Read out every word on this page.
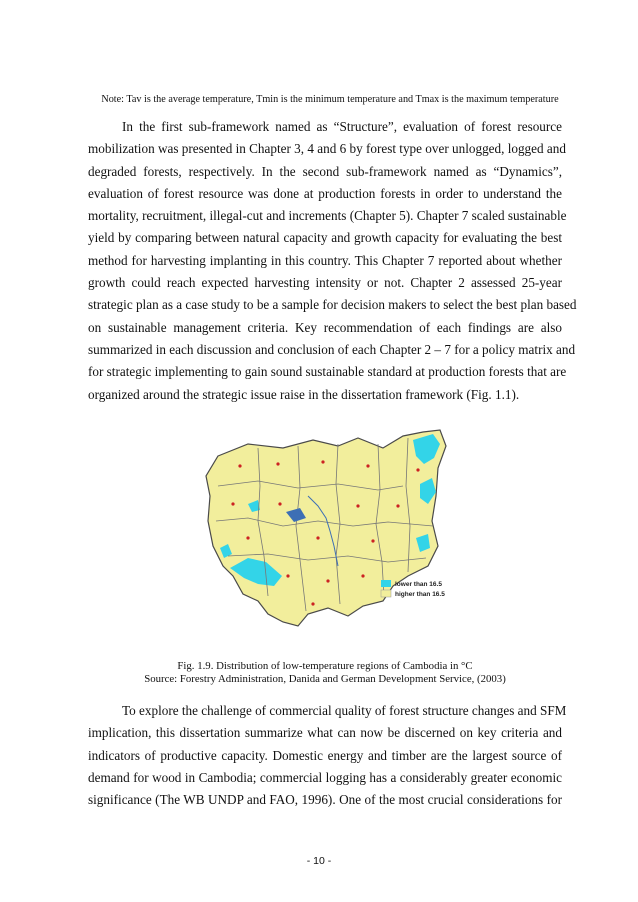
Note: Tav is the average temperature, Tmin is the minimum temperature and Tmax is the maximum temperature
In the first sub-framework named as “Structure”, evaluation of forest resource
mobilization was presented in Chapter 3, 4 and 6 by forest type over unlogged, logged and
degraded forests, respectively. In the second sub-framework named as “Dynamics”,
evaluation of forest resource was done at production forests in order to understand the
mortality, recruitment, illegal-cut and increments (Chapter 5). Chapter 7 scaled sustainable
yield by comparing between natural capacity and growth capacity for evaluating the best
method for harvesting implanting in this country. This Chapter 7 reported about whether
growth could reach expected harvesting intensity or not. Chapter 2 assessed 25-year
strategic plan as a case study to be a sample for decision makers to select the best plan based
on sustainable management criteria. Key recommendation of each findings are also
summarized in each discussion and conclusion of each Chapter 2 – 7 for a policy matrix and
for strategic implementing to gain sound sustainable standard at production forests that are
organized around the strategic issue raise in the dissertation framework (Fig. 1.1).
lower than 16.5
higher than 16.5
Fig. 1.9. Distribution of low-temperature regions of Cambodia in °C
Source: Forestry Administration, Danida and German Development Service, (2003)
To explore the challenge of commercial quality of forest structure changes and SFM
implication, this dissertation summarize what can now be discerned on key criteria and
indicators of productive capacity. Domestic energy and timber are the largest source of
demand for wood in Cambodia; commercial logging has a considerably greater economic
significance (The WB UNDP and FAO, 1996). One of the most crucial considerations for
- 10 -
